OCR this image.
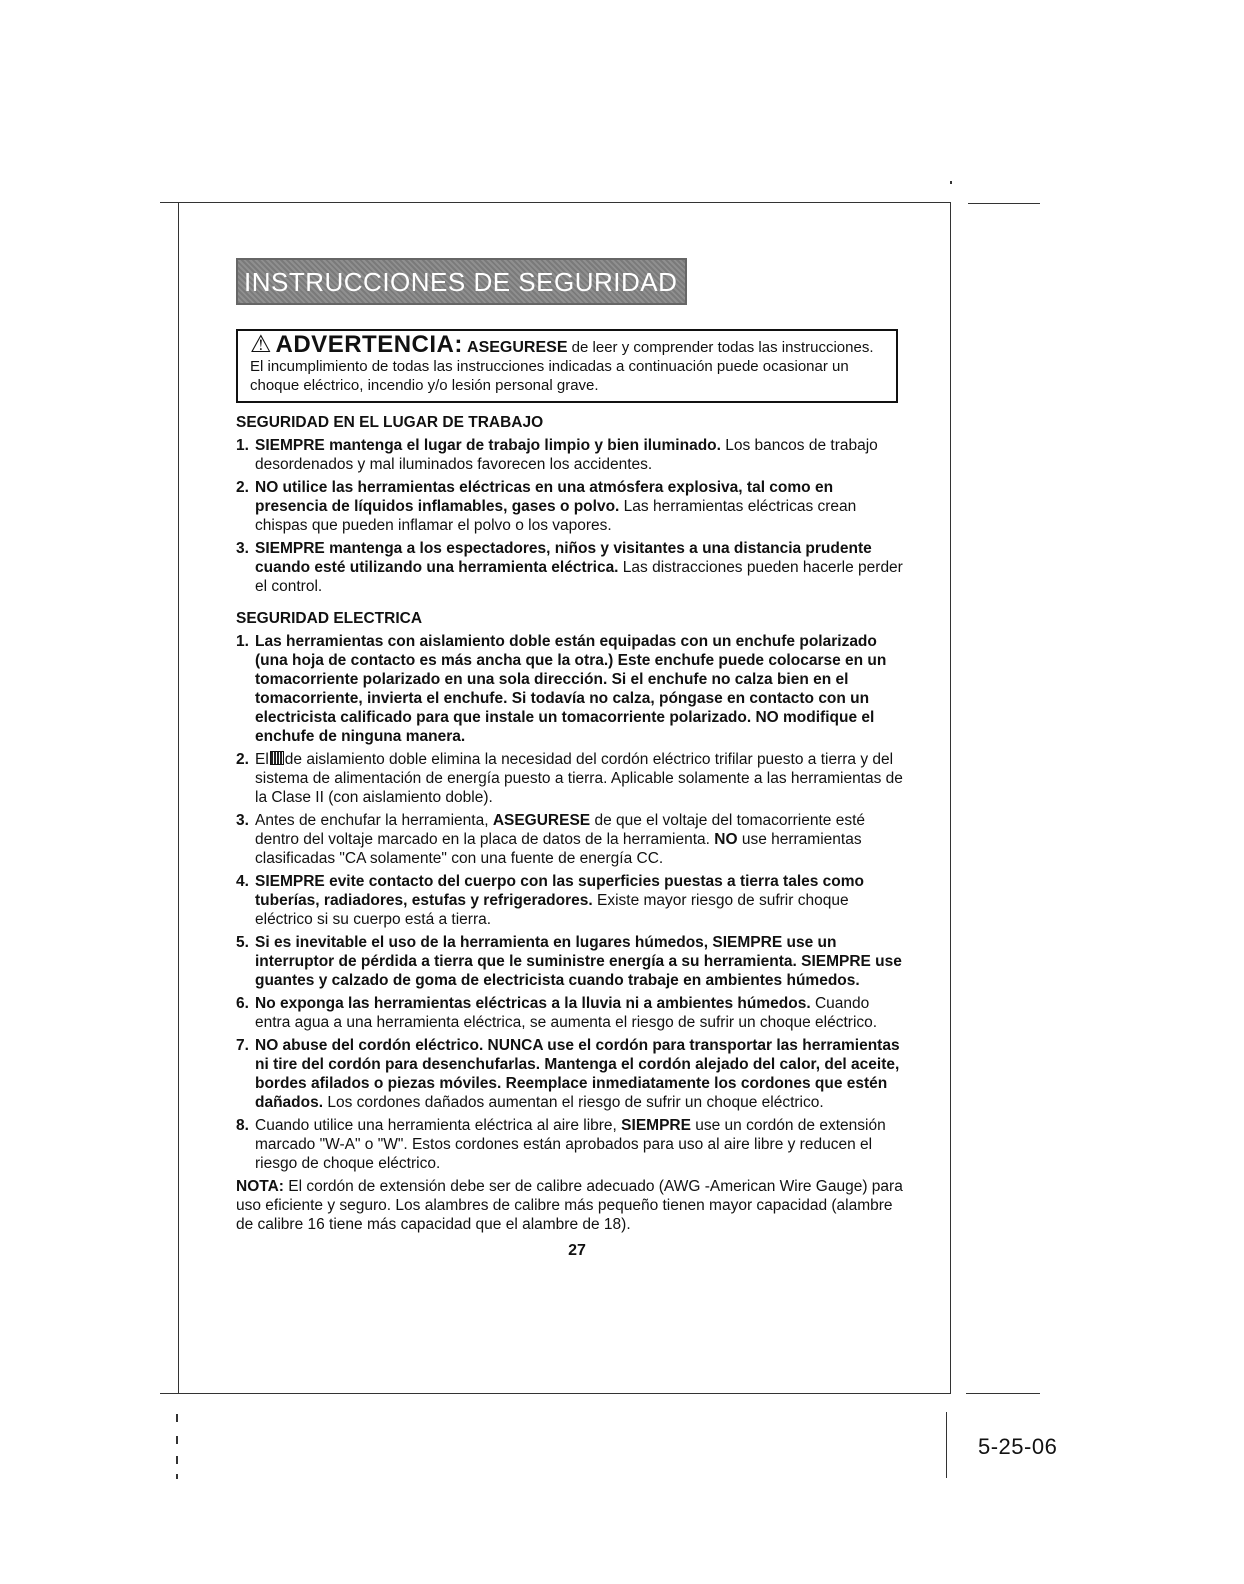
INSTRUCCIONES DE SEGURIDAD
⚠ ADVERTENCIA: ASEGURESE de leer y comprender todas las instrucciones. El incumplimiento de todas las instrucciones indicadas a continuación puede ocasionar un choque eléctrico, incendio y/o lesión personal grave.
SEGURIDAD EN EL LUGAR DE TRABAJO
1. SIEMPRE mantenga el lugar de trabajo limpio y bien iluminado. Los bancos de trabajo desordenados y mal iluminados favorecen los accidentes.
2. NO utilice las herramientas eléctricas en una atmósfera explosiva, tal como en presencia de líquidos inflamables, gases o polvo. Las herramientas eléctricas crean chispas que pueden inflamar el polvo o los vapores.
3. SIEMPRE mantenga a los espectadores, niños y visitantes a una distancia prudente cuando esté utilizando una herramienta eléctrica. Las distracciones pueden hacerle perder el control.
SEGURIDAD ELECTRICA
1. Las herramientas con aislamiento doble están equipadas con un enchufe polarizado (una hoja de contacto es más ancha que la otra.) Este enchufe puede colocarse en un tomacorriente polarizado en una sola dirección. Si el enchufe no calza bien en el tomacorriente, invierta el enchufe. Si todavía no calza, póngase en contacto con un electricista calificado para que instale un tomacorriente polarizado. NO modifique el enchufe de ninguna manera.
2. El de aislamiento doble elimina la necesidad del cordón eléctrico trifilar puesto a tierra y del sistema de alimentación de energía puesto a tierra. Aplicable solamente a las herramientas de la Clase II (con aislamiento doble).
3. Antes de enchufar la herramienta, ASEGURESE de que el voltaje del tomacorriente esté dentro del voltaje marcado en la placa de datos de la herramienta. NO use herramientas clasificadas "CA solamente" con una fuente de energía CC.
4. SIEMPRE evite contacto del cuerpo con las superficies puestas a tierra tales como tuberías, radiadores, estufas y refrigeradores. Existe mayor riesgo de sufrir choque eléctrico si su cuerpo está a tierra.
5. Si es inevitable el uso de la herramienta en lugares húmedos, SIEMPRE use un interruptor de pérdida a tierra que le suministre energía a su herramienta. SIEMPRE use guantes y calzado de goma de electricista cuando trabaje en ambientes húmedos.
6. No exponga las herramientas eléctricas a la lluvia ni a ambientes húmedos. Cuando entra agua a una herramienta eléctrica, se aumenta el riesgo de sufrir un choque eléctrico.
7. NO abuse del cordón eléctrico. NUNCA use el cordón para transportar las herramientas ni tire del cordón para desenchufarlas. Mantenga el cordón alejado del calor, del aceite, bordes afilados o piezas móviles. Reemplace inmediatamente los cordones que estén dañados. Los cordones dañados aumentan el riesgo de sufrir un choque eléctrico.
8. Cuando utilice una herramienta eléctrica al aire libre, SIEMPRE use un cordón de extensión marcado "W-A" o "W". Estos cordones están aprobados para uso al aire libre y reducen el riesgo de choque eléctrico.
NOTA: El cordón de extensión debe ser de calibre adecuado (AWG -American Wire Gauge) para uso eficiente y seguro. Los alambres de calibre más pequeño tienen mayor capacidad (alambre de calibre 16 tiene más capacidad que el alambre de 18).
27
5-25-06
